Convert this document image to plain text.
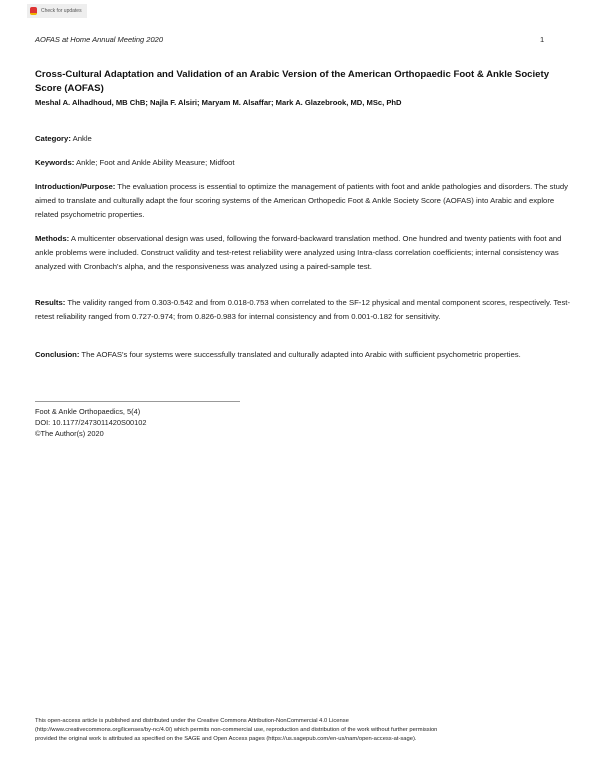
Check for updates
AOFAS at Home Annual Meeting 2020	1
Cross-Cultural Adaptation and Validation of an Arabic Version of the American Orthopaedic Foot & Ankle Society Score (AOFAS)
Meshal A. Alhadhoud, MB ChB; Najla F. Alsiri; Maryam M. Alsaffar; Mark A. Glazebrook, MD, MSc, PhD
Category: Ankle
Keywords: Ankle; Foot and Ankle Ability Measure; Midfoot
Introduction/Purpose: The evaluation process is essential to optimize the management of patients with foot and ankle pathologies and disorders. The study aimed to translate and culturally adapt the four scoring systems of the American Orthopedic Foot & Ankle Society Score (AOFAS) into Arabic and explore related psychometric properties.
Methods: A multicenter observational design was used, following the forward-backward translation method. One hundred and twenty patients with foot and ankle problems were included. Construct validity and test-retest reliability were analyzed using Intra-class correlation coefficients; internal consistency was analyzed with Cronbach's alpha, and the responsiveness was analyzed using a paired-sample test.
Results: The validity ranged from 0.303-0.542 and from 0.018-0.753 when correlated to the SF-12 physical and mental component scores, respectively. Test-retest reliability ranged from 0.727-0.974; from 0.826-0.983 for internal consistency and from 0.001-0.182 for sensitivity.
Conclusion: The AOFAS's four systems were successfully translated and culturally adapted into Arabic with sufficient psychometric properties.
Foot & Ankle Orthopaedics, 5(4)
DOI: 10.1177/2473011420S00102
©The Author(s) 2020
This open-access article is published and distributed under the Creative Commons Attribution-NonCommercial 4.0 License
(http://www.creativecommons.org/licenses/by-nc/4.0/) which permits non-commercial use, reproduction and distribution of the work without further permission
provided the original work is attributed as specified on the SAGE and Open Access pages (https://us.sagepub.com/en-us/nam/open-access-at-sage).
